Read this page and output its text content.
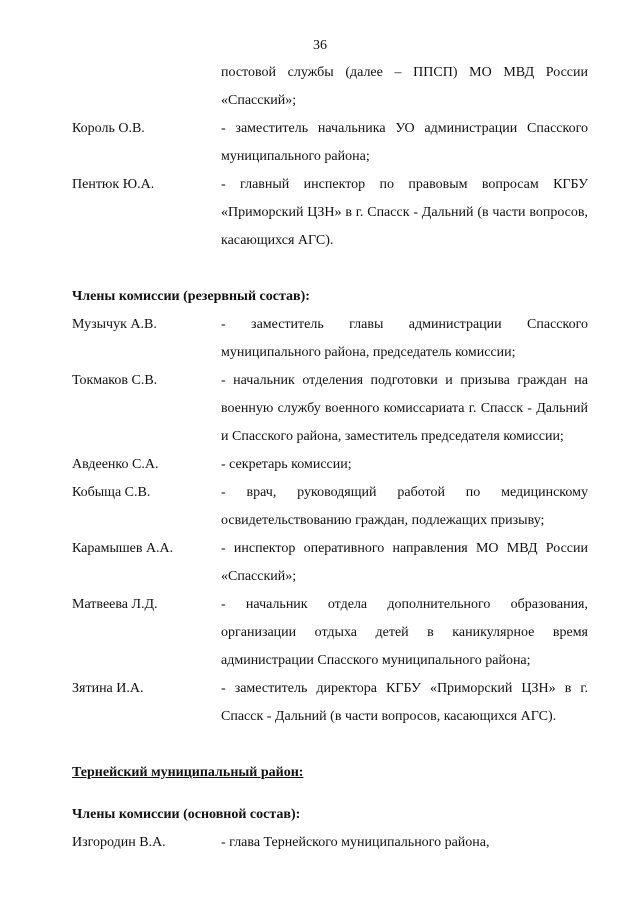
36
постовой службы (далее – ППСП) МО МВД России «Спасский»;
Король О.В.	- заместитель начальника УО администрации Спасского муниципального района;
Пентюк Ю.А.	- главный инспектор по правовым вопросам КГБУ «Приморский ЦЗН» в г. Спасск - Дальний (в части вопросов, касающихся АГС).
Члены комиссии (резервный состав):
Музычук А.В.	- заместитель главы администрации Спасского муниципального района, председатель комиссии;
Токмаков С.В.	- начальник отделения подготовки и призыва граждан на военную службу военного комиссариата г. Спасск - Дальний и Спасского района, заместитель председателя комиссии;
Авдеенко С.А.	- секретарь комиссии;
Кобыща С.В.	- врач, руководящий работой по медицинскому освидетельствованию граждан, подлежащих призыву;
Карамышев А.А.	- инспектор оперативного направления МО МВД России «Спасский»;
Матвеева Л.Д.	- начальник отдела дополнительного образования, организации отдыха детей в каникулярное время администрации Спасского муниципального района;
Зятина И.А.	- заместитель директора КГБУ «Приморский ЦЗН» в г. Спасск - Дальний (в части вопросов, касающихся АГС).
Тернейский муниципальный район:
Члены комиссии (основной состав):
Изгородин В.А.	- глава Тернейского муниципального района,
